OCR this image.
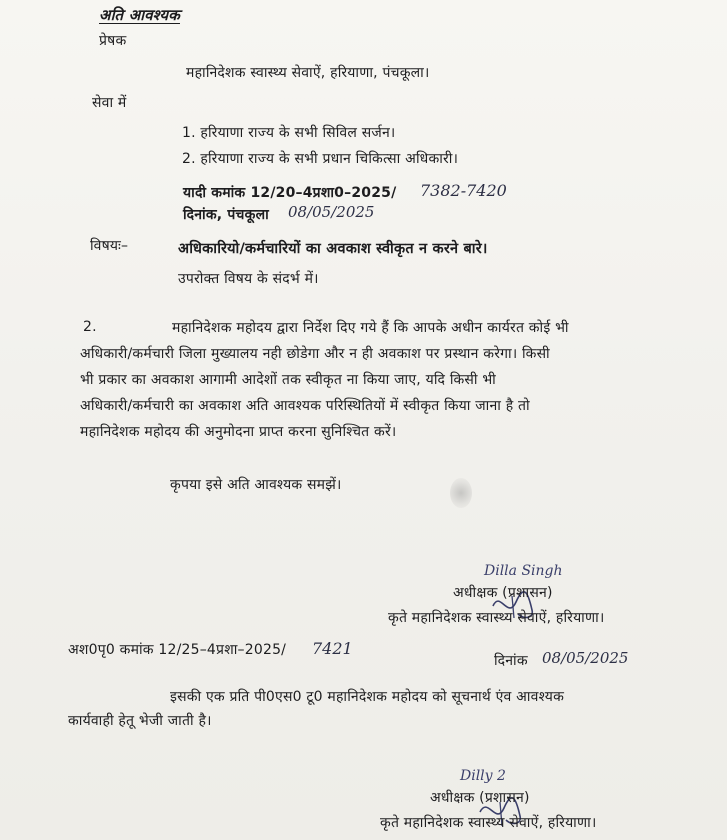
अति आवश्यक
प्रेषक
महानिदेशक स्वास्थ्य सेवाऐं, हरियाणा, पंचकूला।
सेवा में
1. हरियाणा राज्य के सभी सिविल सर्जन।
2. हरियाणा राज्य के सभी प्रधान चिकित्सा अधिकारी।
यादी कमांक 12/20–4प्रशा0–2025/ 7382-7420
दिनांक, पंचकूला 08/05/2025
विषयः–	अधिकारियो/कर्मचारियों का अवकाश स्वीकृत न करने बारे।
उपरोक्त विषय के संदर्भ में।
2.	महानिदेशक महोदय द्वारा निर्देश दिए गये हैं कि आपके अधीन कार्यरत कोई भी
अधिकारी/कर्मचारी जिला मुख्यालय नही छोडेगा और न ही अवकाश पर प्रस्थान करेगा। किसी
भी प्रकार का अवकाश आगामी आदेशों तक स्वीकृत ना किया जाए, यदि किसी भी
अधिकारी/कर्मचारी का अवकाश अति आवश्यक परिस्थितियों में स्वीकृत किया जाना है तो
महानिदेशक महोदय की अनुमोदना प्राप्त करना सुनिश्चित करें।
कृपया इसे अति आवश्यक समझें।
Dilla Singh
अधीक्षक (प्रशासन)
कृते महानिदेशक स्वास्थ्य सेवाऐं, हरियाणा।
अश0पृ0 कमांक 12/25–4प्रशा–2025/ 7421
दिनांक 08/05/2025
इसकी एक प्रति पी0एस0 टू0 महानिदेशक महोदय को सूचनार्थ एंव आवश्यक
कार्यवाही हेतू भेजी जाती है।
Dilly 2
अधीक्षक (प्रशासन)
कृते महानिदेशक स्वास्थ्य सेवाऐं, हरियाणा।
